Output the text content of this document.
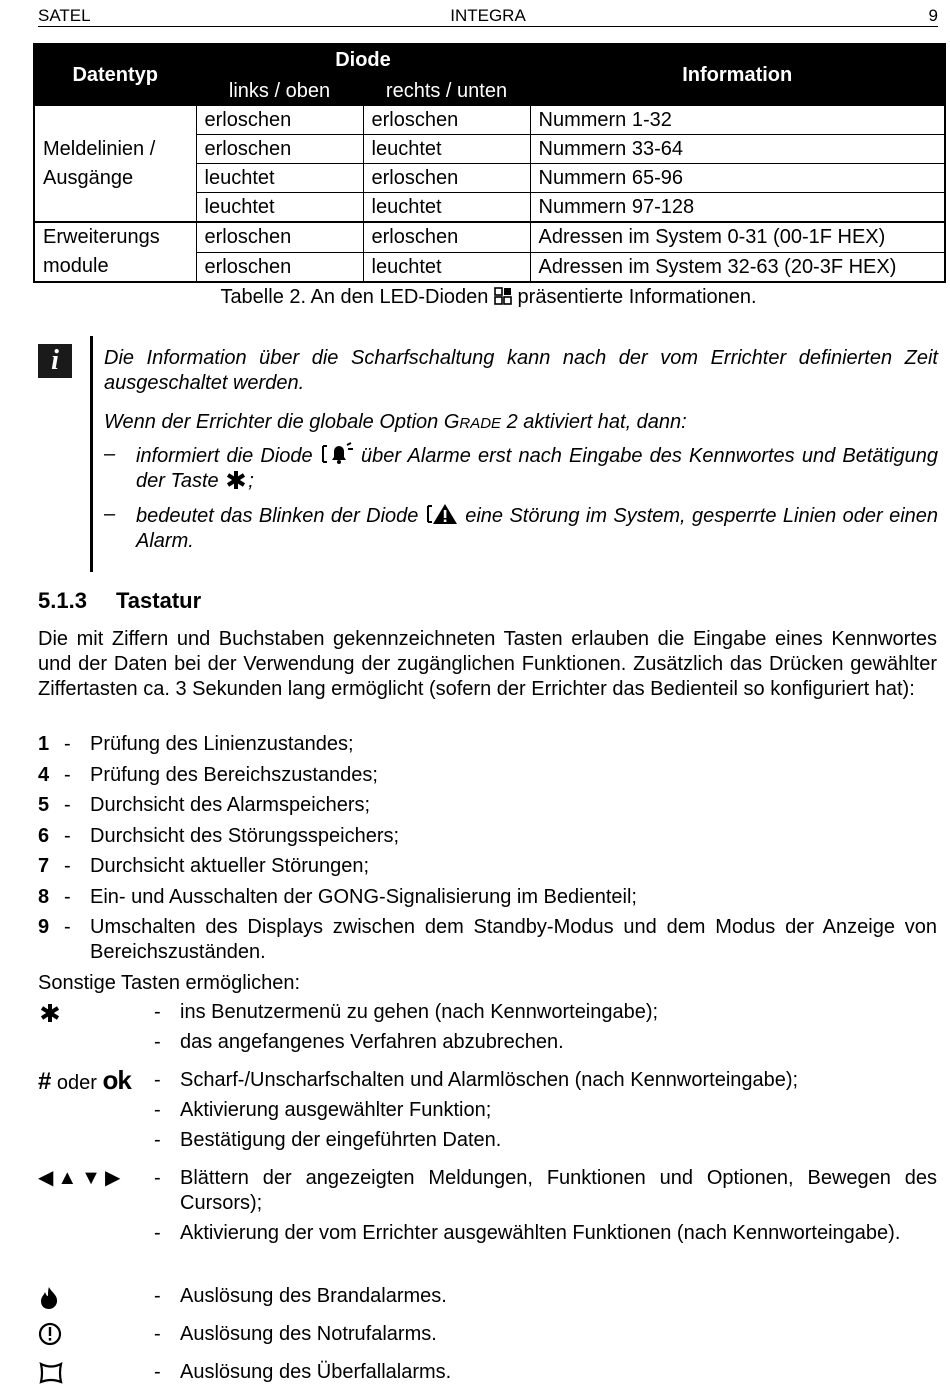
SATEL	INTEGRA	9
Datentyp	Diode		Information
	links / oben	rechts / unten	
Meldelinien /
Ausgänge	erloschen	erloschen	Nummern 1-32
	erloschen	leuchtet	Nummern 33-64
	leuchtet	erloschen	Nummern 65-96
	leuchtet	leuchtet	Nummern 97-128
Erweiterungs
module	erloschen	erloschen	Adressen im System 0-31 (00-1F HEX)
	erloschen	leuchtet	Adressen im System 32-63 (20-3F HEX)
Tabelle 2. An den LED-Dioden präsentierte Informationen.
i	Die Information über die Scharfschaltung kann nach der vom Errichter definierten Zeit ausgeschaltet werden.

Wenn der Errichter die globale Option GRADE 2 aktiviert hat, dann:

– informiert die Diode über Alarme erst nach Eingabe des Kennwortes und Betätigung der Taste ;
– bedeutet das Blinken der Diode eine Störung im System, gesperrte Linien oder einen Alarm.
5.1.3 Tastatur
Die mit Ziffern und Buchstaben gekennzeichneten Tasten erlauben die Eingabe eines Kennwortes und der Daten bei der Verwendung der zugänglichen Funktionen. Zusätzlich das Drücken gewählter Ziffertasten ca. 3 Sekunden lang ermöglicht (sofern der Errichter das Bedienteil so konfiguriert hat):
1 - Prüfung des Linienzustandes;
4 - Prüfung des Bereichszustandes;
5 - Durchsicht des Alarmspeichers;
6 - Durchsicht des Störungsspeichers;
7 - Durchsicht aktueller Störungen;
8 - Ein- und Ausschalten der GONG-Signalisierung im Bedienteil;
9 - Umschalten des Displays zwischen dem Standby-Modus und dem Modus der Anzeige von Bereichszuständen.
Sonstige Tasten ermöglichen:
- ins Benutzermenü zu gehen (nach Kennworteingabe);
- das angefangenes Verfahren abzubrechen.
# oder ok - Scharf-/Unscharfschalten und Alarmlöschen (nach Kennworteingabe);
- Aktivierung ausgewählter Funktion;
- Bestätigung der eingeführten Daten.
◀▲▼▶ - Blättern der angezeigten Meldungen, Funktionen und Optionen, Bewegen des Cursors);
- Aktivierung der vom Errichter ausgewählten Funktionen (nach Kennworteingabe).
- Auslösung des Brandalarmes.
- Auslösung des Notrufalarms.
- Auslösung des Überfallalarms.
